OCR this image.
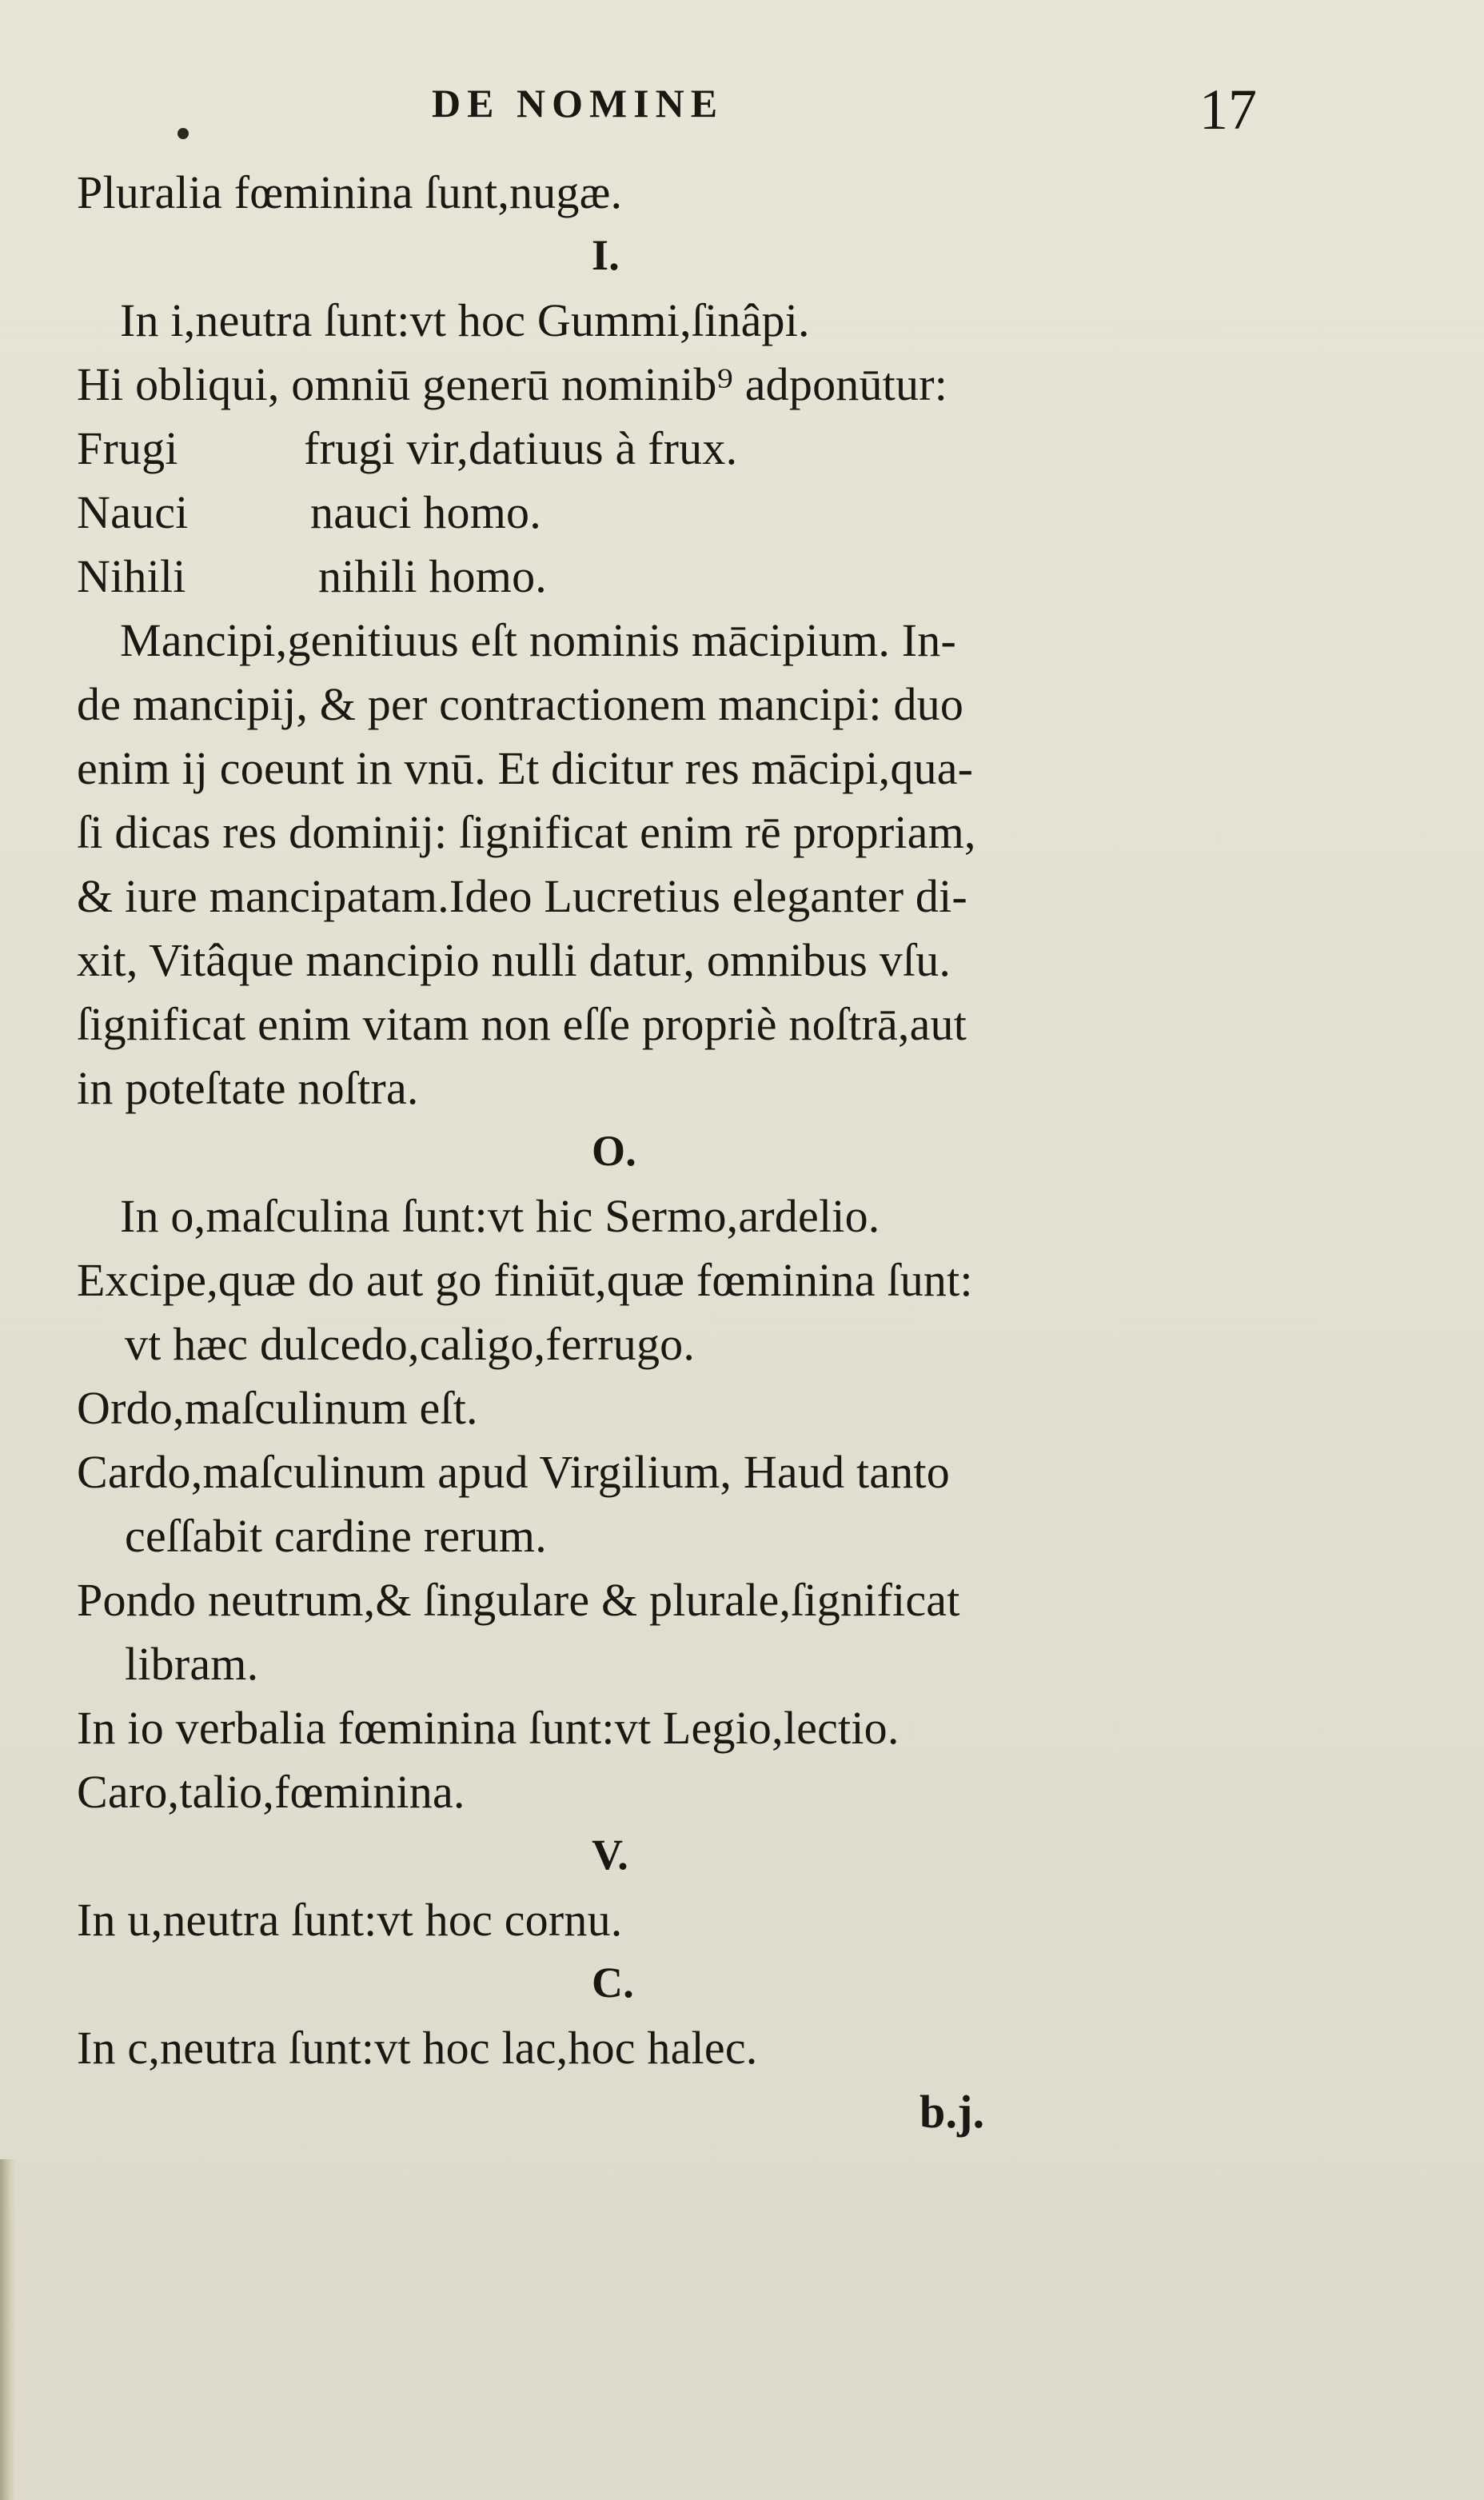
DE NOMINE	17
Pluralia fœminina ſunt,nugæ.
I.
In i,neutra ſunt:vt hoc Gummi,ſinâpi.
Hi obliqui, omniū generū nominib⁹ adponūtur:
Frugi	frugi vir,datiuus à frux.
Nauci	nauci homo.
Nihili	nihili homo.
Mancipi,genitiuus eſt nominis mācipium. In-
de mancipij, & per contractionem mancipi: duo
enim ij coeunt in vnū. Et dicitur res mācipi,qua-
ſi dicas res dominij: ſignificat enim rē propriam,
& iure mancipatam.Ideo Lucretius eleganter di-
xit, Vitâque mancipio nulli datur, omnibus vſu.
ſignificat enim vitam non eſſe propriè noſtrā,aut
in poteſtate noſtra.
O.
In o,maſculina ſunt:vt hic Sermo,ardelio.
Excipe,quæ do aut go finiūt,quæ fœminina ſunt:
vt hæc dulcedo,caligo,ferrugo.
Ordo,maſculinum eſt.
Cardo,maſculinum apud Virgilium, Haud tanto
ceſſabit cardine rerum.
Pondo neutrum,& ſingulare & plurale,ſignificat
libram.
In io verbalia fœminina ſunt:vt Legio,lectio.
Caro,talio,fœminina.
V.
In u,neutra ſunt:vt hoc cornu.
C.
In c,neutra ſunt:vt hoc lac,hoc halec.
b.j.
